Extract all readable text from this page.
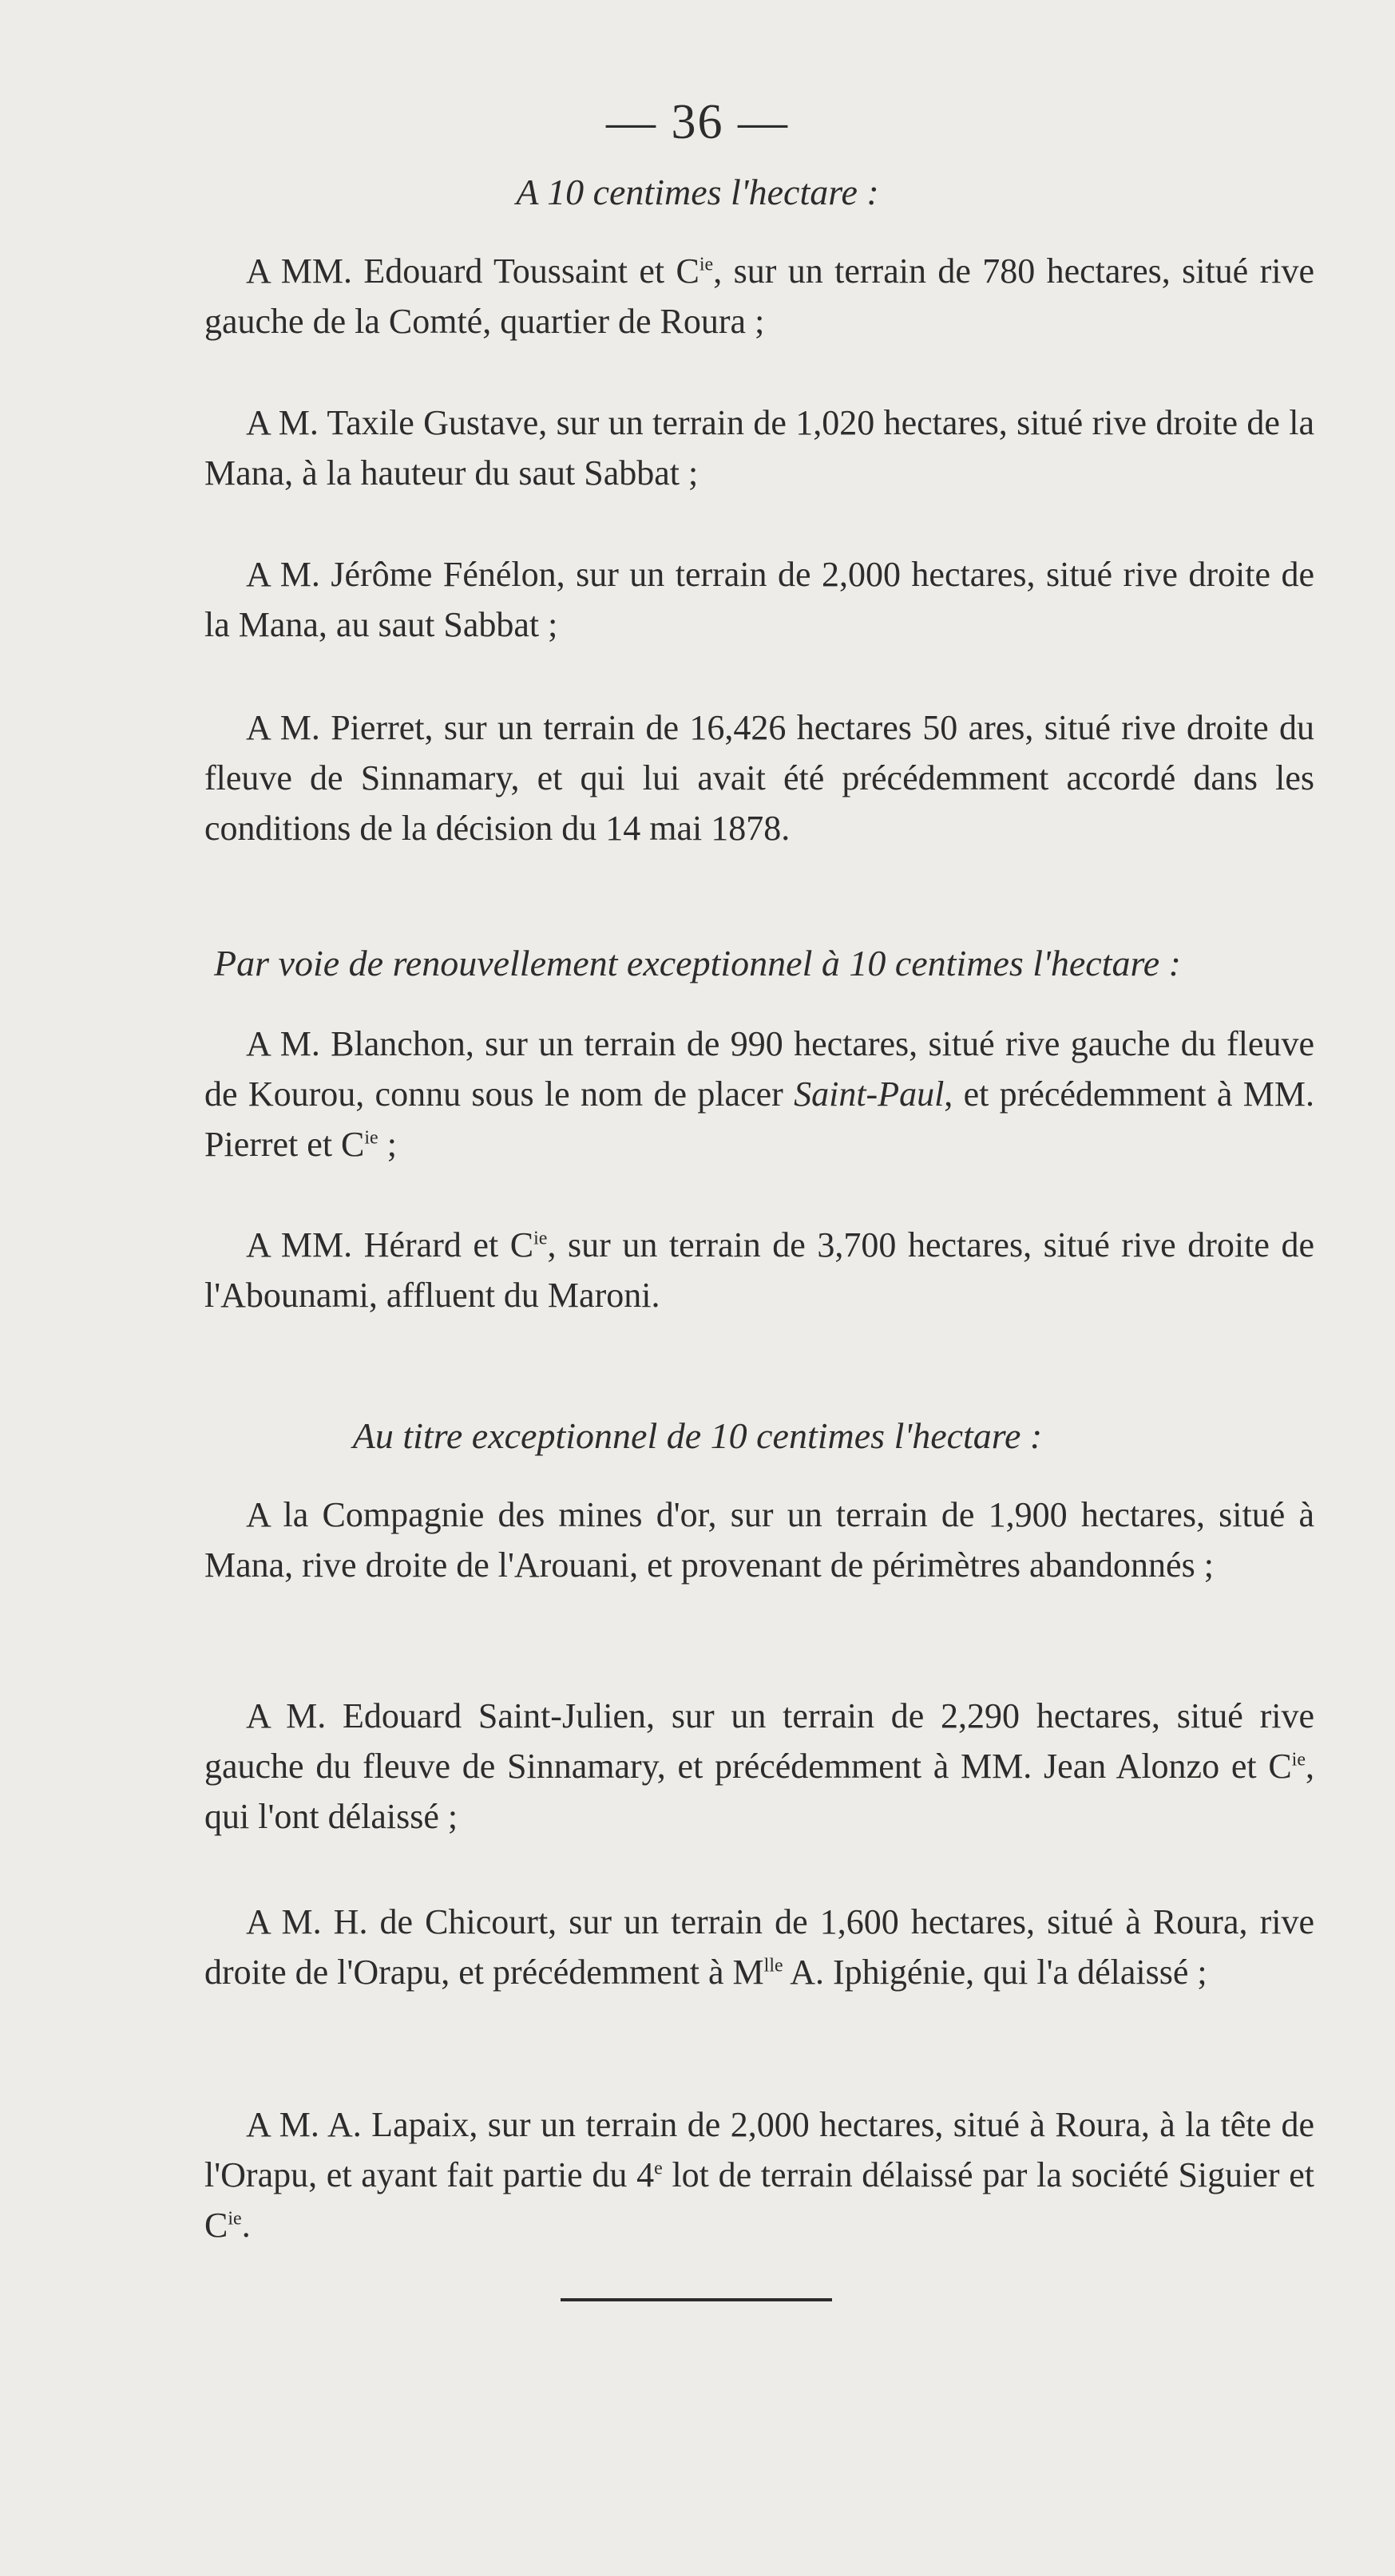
— 36 —
A 10 centimes l'hectare :

A MM. Edouard Toussaint et $C^{ie}$, sur un terrain de 780 hectares, situé rive gauche de la Comté, quartier de Roura ;

A M. Taxile Gustave, sur un terrain de 1,020 hectares, situé rive droite de la Mana, à la hauteur du saut Sabbat ;

A M. Jérôme Fénélon, sur un terrain de 2,000 hectares, situé rive droite de la Mana, au saut Sabbat ;

A M. Pierret, sur un terrain de 16,426 hectares 50 ares, situé rive droite du fleuve de Sinnamary, et qui lui avait été précédemment accordé dans les conditions de la décision du 14 mai 1878.

Par voie de renouvellement exceptionnel à 10 centimes l'hectare :

A M. Blanchon, sur un terrain de 990 hectares, situé rive gauche du fleuve de Kourou, connu sous le nom de placer Saint-Paul, et précédemment à MM. Pierret et $C^{ie}$ ;

A MM. Hérard et $C^{ie}$, sur un terrain de 3,700 hectares, situé rive droite de l'Abounami, affluent du Maroni.

Au titre exceptionnel de 10 centimes l'hectare :

A la Compagnie des mines d'or, sur un terrain de 1,900 hectares, situé à Mana, rive droite de l'Arouani, et provenant de périmètres abandonnés ;

A M. Edouard Saint-Julien, sur un terrain de 2,290 hectares, situé rive gauche du fleuve de Sinnamary, et précédemment à MM. Jean Alonzo et $C^{ie}$, qui l'ont délaissé ;

A M. H. de Chicourt, sur un terrain de 1,600 hectares, situé à Roura, rive droite de l'Orapu, et précédemment à $M^{lle}$ A. Iphigénie, qui l'a délaissé ;

A M. A. Lapaix, sur un terrain de 2,000 hectares, situé à Roura, à la tête de l'Orapu, et ayant fait partie du 4e lot de terrain délaissé par la société Siguier et $C^{ie}$.
